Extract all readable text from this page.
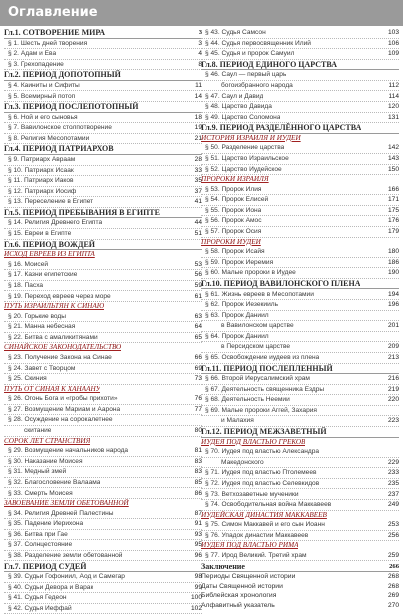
Оглавление
Гл.1. СОТВОРЕНИЕ МИРА	3
§ 1. Шесть дней творения	3
§ 2. Адам и Ева	4
§ 3. Грехопадение	8
Гл.2. ПЕРИОД ДОПОТОПНЫЙ
§ 4. Каиниты и Сифиты	11
§ 5. Всемирный потоп	14
Гл.3. ПЕРИОД ПОСЛЕПОТОПНЫЙ
§ 6. Ной и его сыновья	18
§ 7. Вавилонское столпотворение	19
§ 8. Религия Месопотамии	21
Гл.4. ПЕРИОД ПАТРИАРХОВ
§ 9. Патриарх Авраам	28
§ 10. Патриарх Исаак	33
§ 11. Патриарх Иаков	35
§ 12. Патриарх Иосиф	37
§ 13. Переселение в Египет	41
Гл.5. ПЕРИОД ПРЕБЫВАНИЯ В ЕГИПТЕ
§ 14. Религия Древнего Египта	44
§ 15. Евреи в Египте	51
Гл.6. ПЕРИОД ВОЖДЕЙ
ИСХОД ЕВРЕЕВ ИЗ ЕГИПТА
§ 16. Моисей	53
§ 17. Казни египетские	56
§ 18. Пасха	59
§ 19. Переход евреев через море	61
ПУТЬ ИЗРАИЛЬТЯН К СИНАЮ
§ 20. Горькие воды	63
§ 21. Манна небесная	64
§ 22. Битва с амаликитянами	65
СИНАЙСКОЕ ЗАКОНОДАТЕЛЬСТВО
§ 23. Получение Закона на Синае	66
§ 24. Завет с Творцом	69
§ 25. Скиния	73
ПУТЬ ОТ СИНАЯ К ХАНААНУ
§ 26. Огонь Бога и «гробы прихоти»	76
§ 27. Возмущение Мариам и Аарона	77
§ 28. Осуждение на сорокалетнее
скитание	80
СОРОК ЛЕТ СТРАНСТВИЯ
§ 29. Возмущение начальников народа	81
§ 30. Наказание Моисея	83
§ 31. Медный змей	83
§ 32. Благословение Валаама	85
§ 33. Смерть Моисея	86
ЗАВОЕВАНИЕ ЗЕМЛИ ОБЕТОВАННОЙ
§ 34. Религия Древней Палестины	87
§ 35. Падение Иерихона	91
§ 36. Битва при Гае	93
§ 37. Солнцестояние	95
§ 38. Разделение земли обетованной	96
Гл.7. ПЕРИОД СУДЕЙ
§ 39. Судьи Гофониил, Аод и Самегар	98
§ 40. Судьи Девора и Варак	99
§ 41. Судья Гедеон	100
§ 42. Судья Иеффай	102
§ 43. Судья Самсон	103
§ 44. Судья первосвященник Илий	106
§ 45. Судья и пророк Самуил	109
Гл.8. ПЕРИОД ЕДИНОГО ЦАРСТВА
§ 46. Саул — первый царь
богоизбранного народа	112
§ 47. Саул и Давид	114
§ 48. Царство Давида	120
§ 49. Царство Соломона	131
Гл.9. ПЕРИОД РАЗДЕЛЁННОГО ЦАРСТВА
ИСТОРИЯ ИЗРАИЛЯ И ИУДЕИ
§ 50. Разделение царства	142
§ 51. Царство Израильское	143
§ 52. Царство Иудейское	150
ПРОРОКИ ИЗРАИЛЯ
§ 53. Пророк Илия	166
§ 54. Пророк Елисей	171
§ 55. Пророк Иона	175
§ 56. Пророк Амос	176
§ 57. Пророк Осия	179
ПРОРОКИ ИУДЕИ
§ 58. Пророк Исайя	180
§ 59. Пророк Иеремия	186
§ 60. Малые пророки в Иудее	190
Гл.10. ПЕРИОД ВАВИЛОНСКОГО ПЛЕНА
§ 61. Жизнь евреев в Месопотамии	194
§ 62. Пророк Иезекииль	196
§ 63. Пророк Даниил
в Вавилонском царстве	201
§ 64. Пророк Даниил
в Персидском царстве	209
§ 65. Освобождение иудеев из плена	213
Гл.11. ПЕРИОД ПОСЛЕПЛЕННЫЙ
§ 66. Второй Иерусалимский храм	216
§ 67. Деятельность священника Ездры	219
§ 68. Деятельность Неемии	220
§ 69. Малые пророки Аггей, Захария
и Малахия	223
Гл.12. ПЕРИОД МЕЖЗАВЕТНЫЙ
ИУДЕЯ ПОД ВЛАСТЬЮ ГРЕКОВ
§ 70. Иудея под властью Александра
Македонского	229
§ 71. Иудея под властью Птолемеев	233
§ 72. Иудея под властью Селевкидов	235
§ 73. Ветхозаветные мученики	237
§ 74. Освободительная война Маккавеев	249
ИУДЕЙСКАЯ ДИНАСТИЯ МАККАВЕЕВ
§ 75. Симон Маккавей и его сын Иоанн	253
§ 76. Упадок династии Маккавеев	256
ИУДЕЯ ПОД ВЛАСТЬЮ РИМА
§ 77. Ирод Великий. Третий храм	259
Заключение	266
Периоды Священной истории	268
Даты Священной истории	268
Библейская хронология	269
Алфавитный указатель	270
